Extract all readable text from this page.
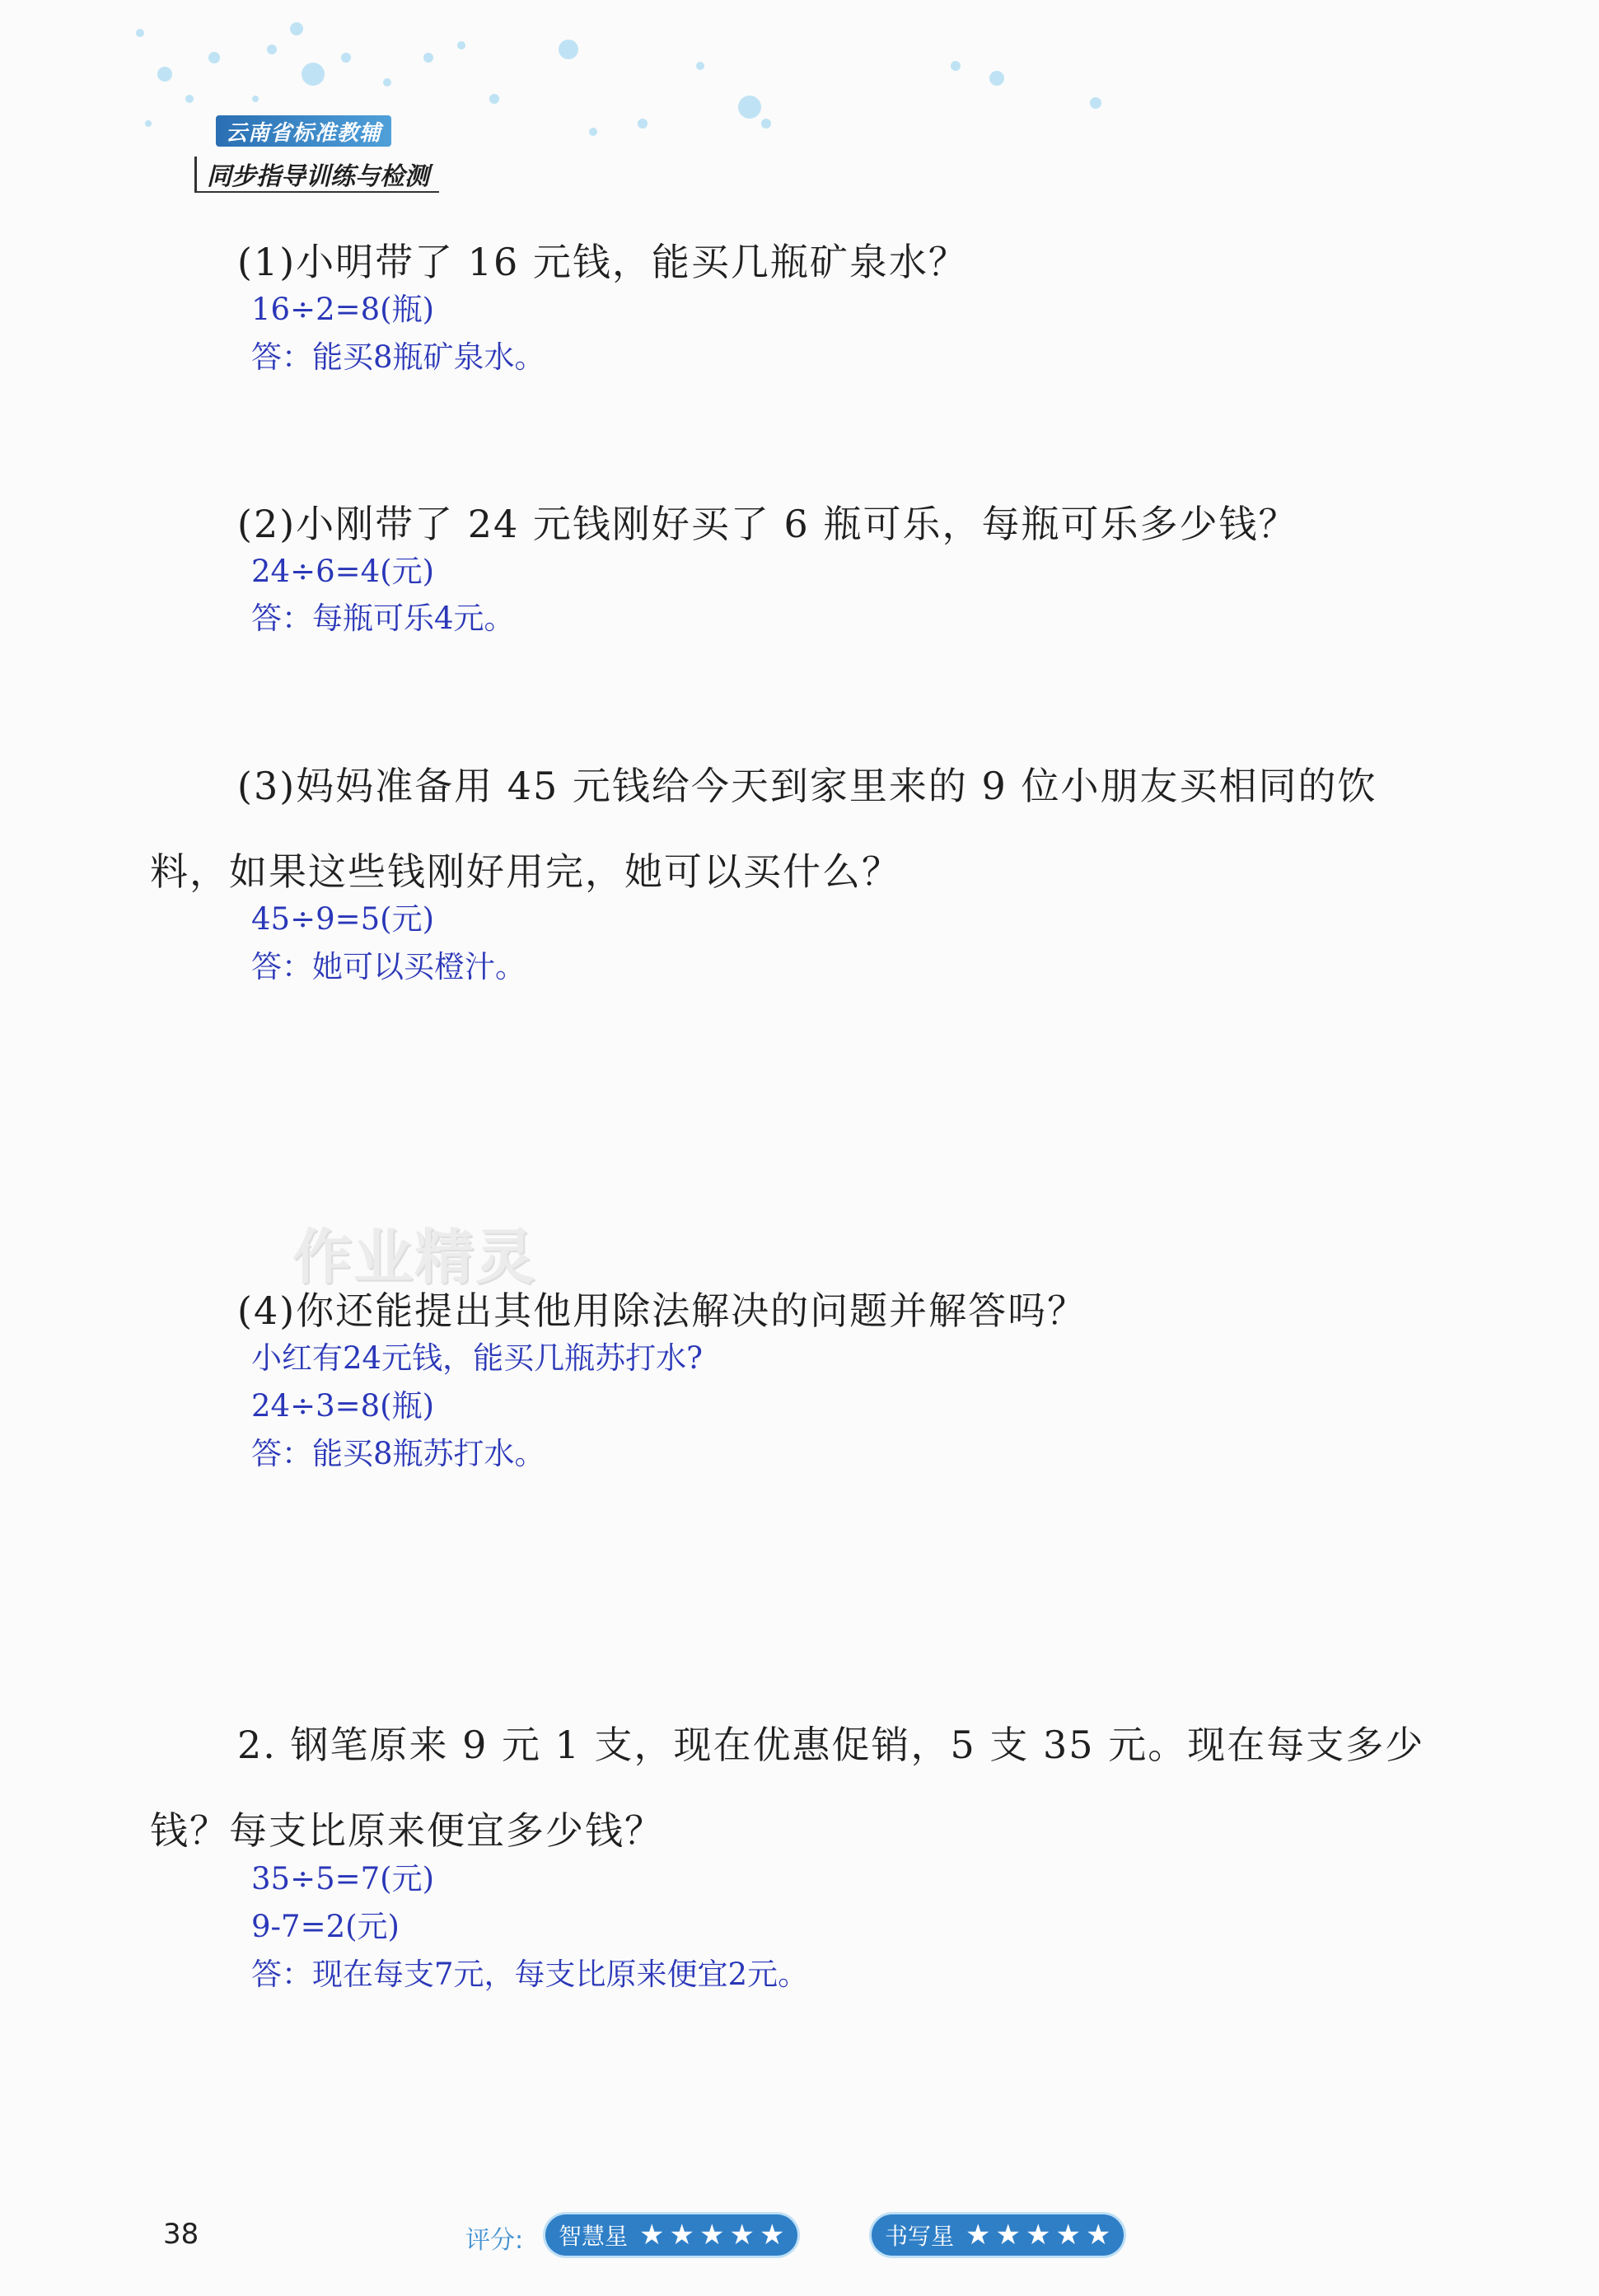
云南省标准教辅
同步指导训练与检测
(1)小明带了 16 元钱，能买几瓶矿泉水？
16÷2=8(瓶)
答：能买8瓶矿泉水。
(2)小刚带了 24 元钱刚好买了 6 瓶可乐，每瓶可乐多少钱？
24÷6=4(元)
答：每瓶可乐4元。
(3)妈妈准备用 45 元钱给今天到家里来的 9 位小朋友买相同的饮
料，如果这些钱刚好用完，她可以买什么？
45÷9=5(元)
答：她可以买橙汁。
作业精灵
(4)你还能提出其他用除法解决的问题并解答吗？
小红有24元钱，能买几瓶苏打水?
24÷3=8(瓶)
答：能买8瓶苏打水。
2. 钢笔原来 9 元 1 支，现在优惠促销，5 支 35 元。现在每支多少
钱？每支比原来便宜多少钱？
35÷5=7(元)
9-7=2(元)
答：现在每支7元，每支比原来便宜2元。
38	评分: 智慧星 ★ ★ ★ ★ ★	书写星 ★ ★ ★ ★ ★
